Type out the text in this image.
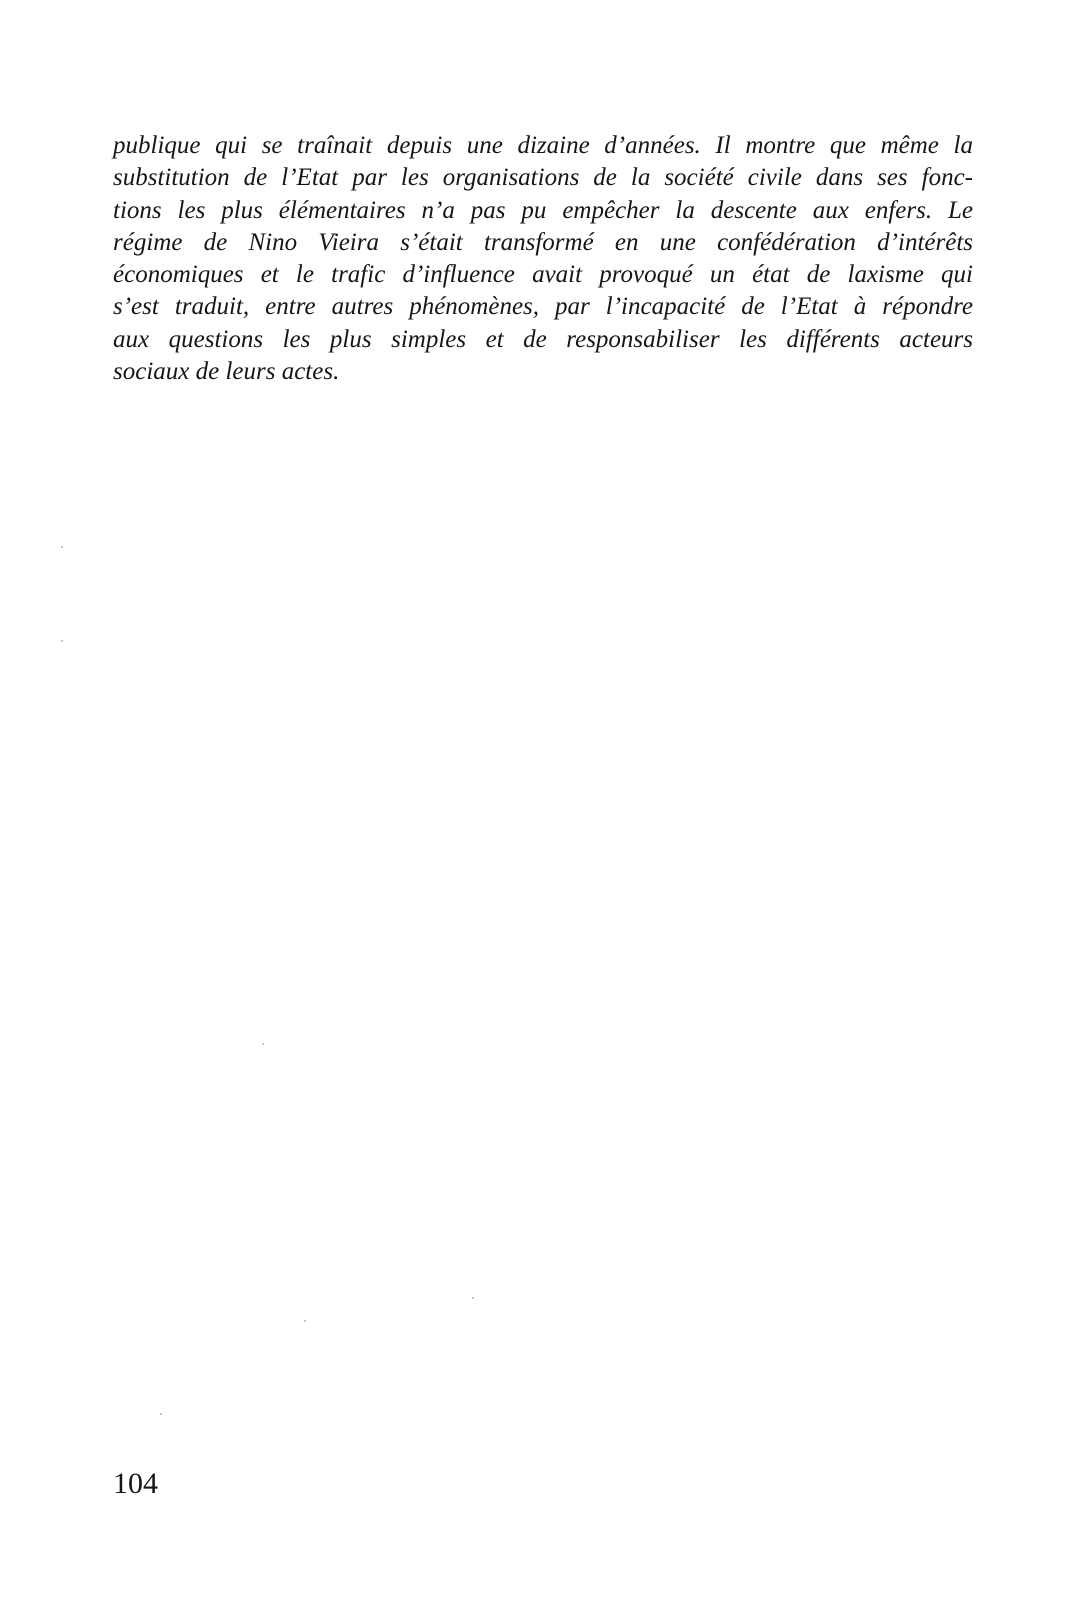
publique qui se traînait depuis une dizaine d’années. Il montre que même la
substitution de l’Etat par les organisations de la société civile dans ses fonc-
tions les plus élémentaires n’a pas pu empêcher la descente aux enfers. Le
régime de Nino Vieira s’était transformé en une confédération d’intérêts
économiques et le trafic d’influence avait provoqué un état de laxisme qui
s’est traduit, entre autres phénomènes, par l’incapacité de l’Etat à répondre
aux questions les plus simples et de responsabiliser les différents acteurs
sociaux de leurs actes.

104
